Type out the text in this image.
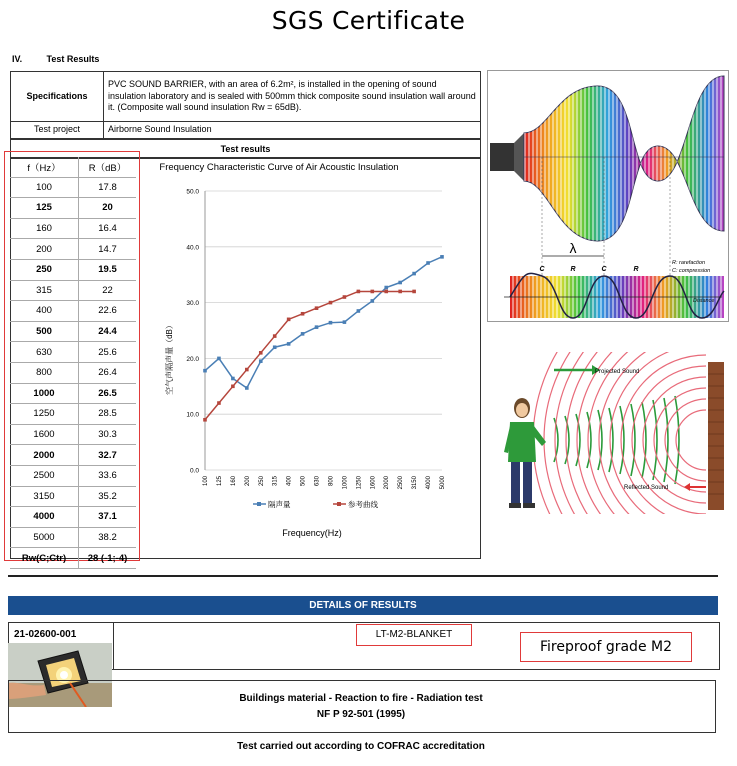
SGS Certificate
IV.	Test Results
Specifications	PVC SOUND BARRIER, with an area of 6.2m², is installed in the opening of sound insulation laboratory and is sealed with 500mm thick composite sound insulation wall around it. (Composite wall sound insulation Rw = 65dB).
Test project	Airborne Sound Insulation
Test results
f（Hz）	R（dB）
100	17.8
125	20
160	16.4
200	14.7
250	19.5
315	22
400	22.6
500	24.4
630	25.6
800	26.4
1000	26.5
1250	28.5
1600	30.3
2000	32.7
2500	33.6
3150	35.2
4000	37.1
5000	38.2
Rw(C;Ctr)	28 (-1;-4)
Frequency Characteristic Curve of Air Acoustic Insulation
0.0
10.0
20.0
30.0
40.0
50.0
100 125 160 200 250 315 400 500 630 800 1000 1250 1600 2000 2500 3150 4000 5000
空气声隔声量（dB）
隔声量	参考曲线
Frequency(Hz)
λ
C	R	C	R
R: rarefaction
C: compression
Distance
Projected Sound
Reflected Sound
DETAILS OF RESULTS
21-02600-001	LT-M2-BLANKET
Fireproof grade M2
Buildings material - Reaction to fire - Radiation test
NF P 92-501 (1995)
Test carried out according to COFRAC accreditation
